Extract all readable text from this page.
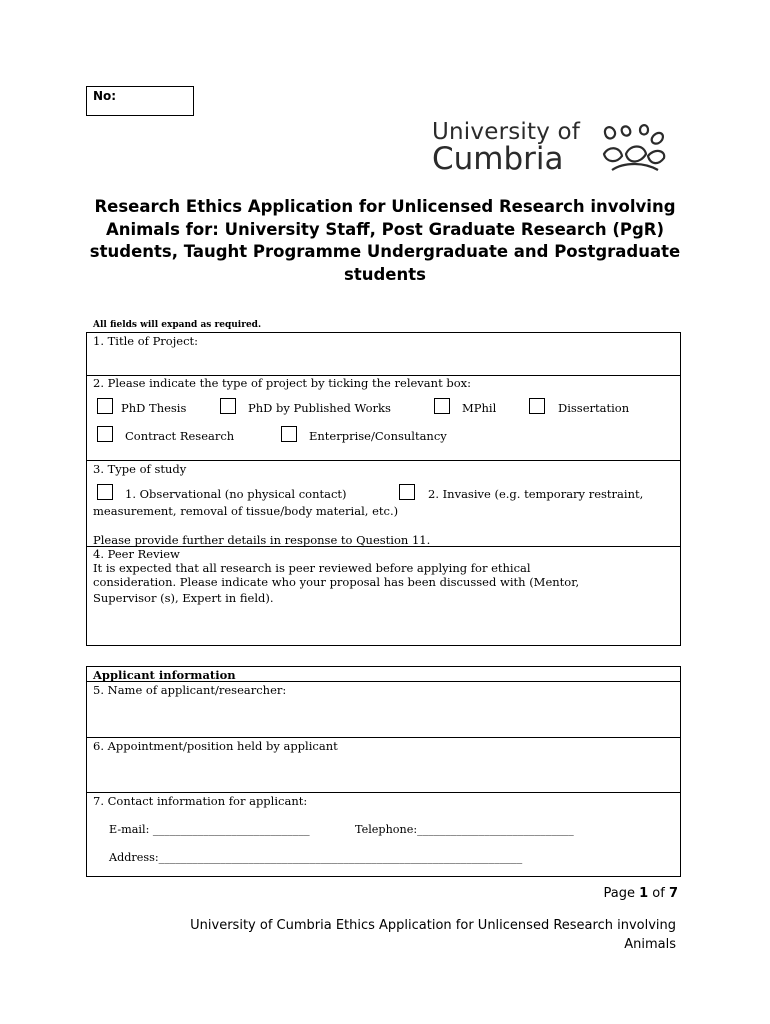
No:
University of
Cumbria
Research Ethics Application for Unlicensed Research involving Animals for: University Staff, Post Graduate Research (PgR) students, Taught Programme Undergraduate and Postgraduate students
All fields will expand as required.
1. Title of Project:
2. Please indicate the type of project by ticking the relevant box:
PhD Thesis	PhD by Published Works	MPhil	Dissertation
Contract Research	Enterprise/Consultancy
3. Type of study
1. Observational (no physical contact)	2. Invasive (e.g. temporary restraint,
measurement, removal of tissue/body material, etc.)
Please provide further details in response to Question 11.
4. Peer Review
It is expected that all research is peer reviewed before applying for ethical
consideration. Please indicate who your proposal has been discussed with (Mentor,
Supervisor (s), Expert in field).
Applicant information
5. Name of applicant/researcher:
6. Appointment/position held by applicant
7. Contact information for applicant:
E-mail: ____________________________	Telephone:____________________________
Address:_________________________________________________________________
Page 1 of 7
University of Cumbria Ethics Application for Unlicensed Research involving
Animals
